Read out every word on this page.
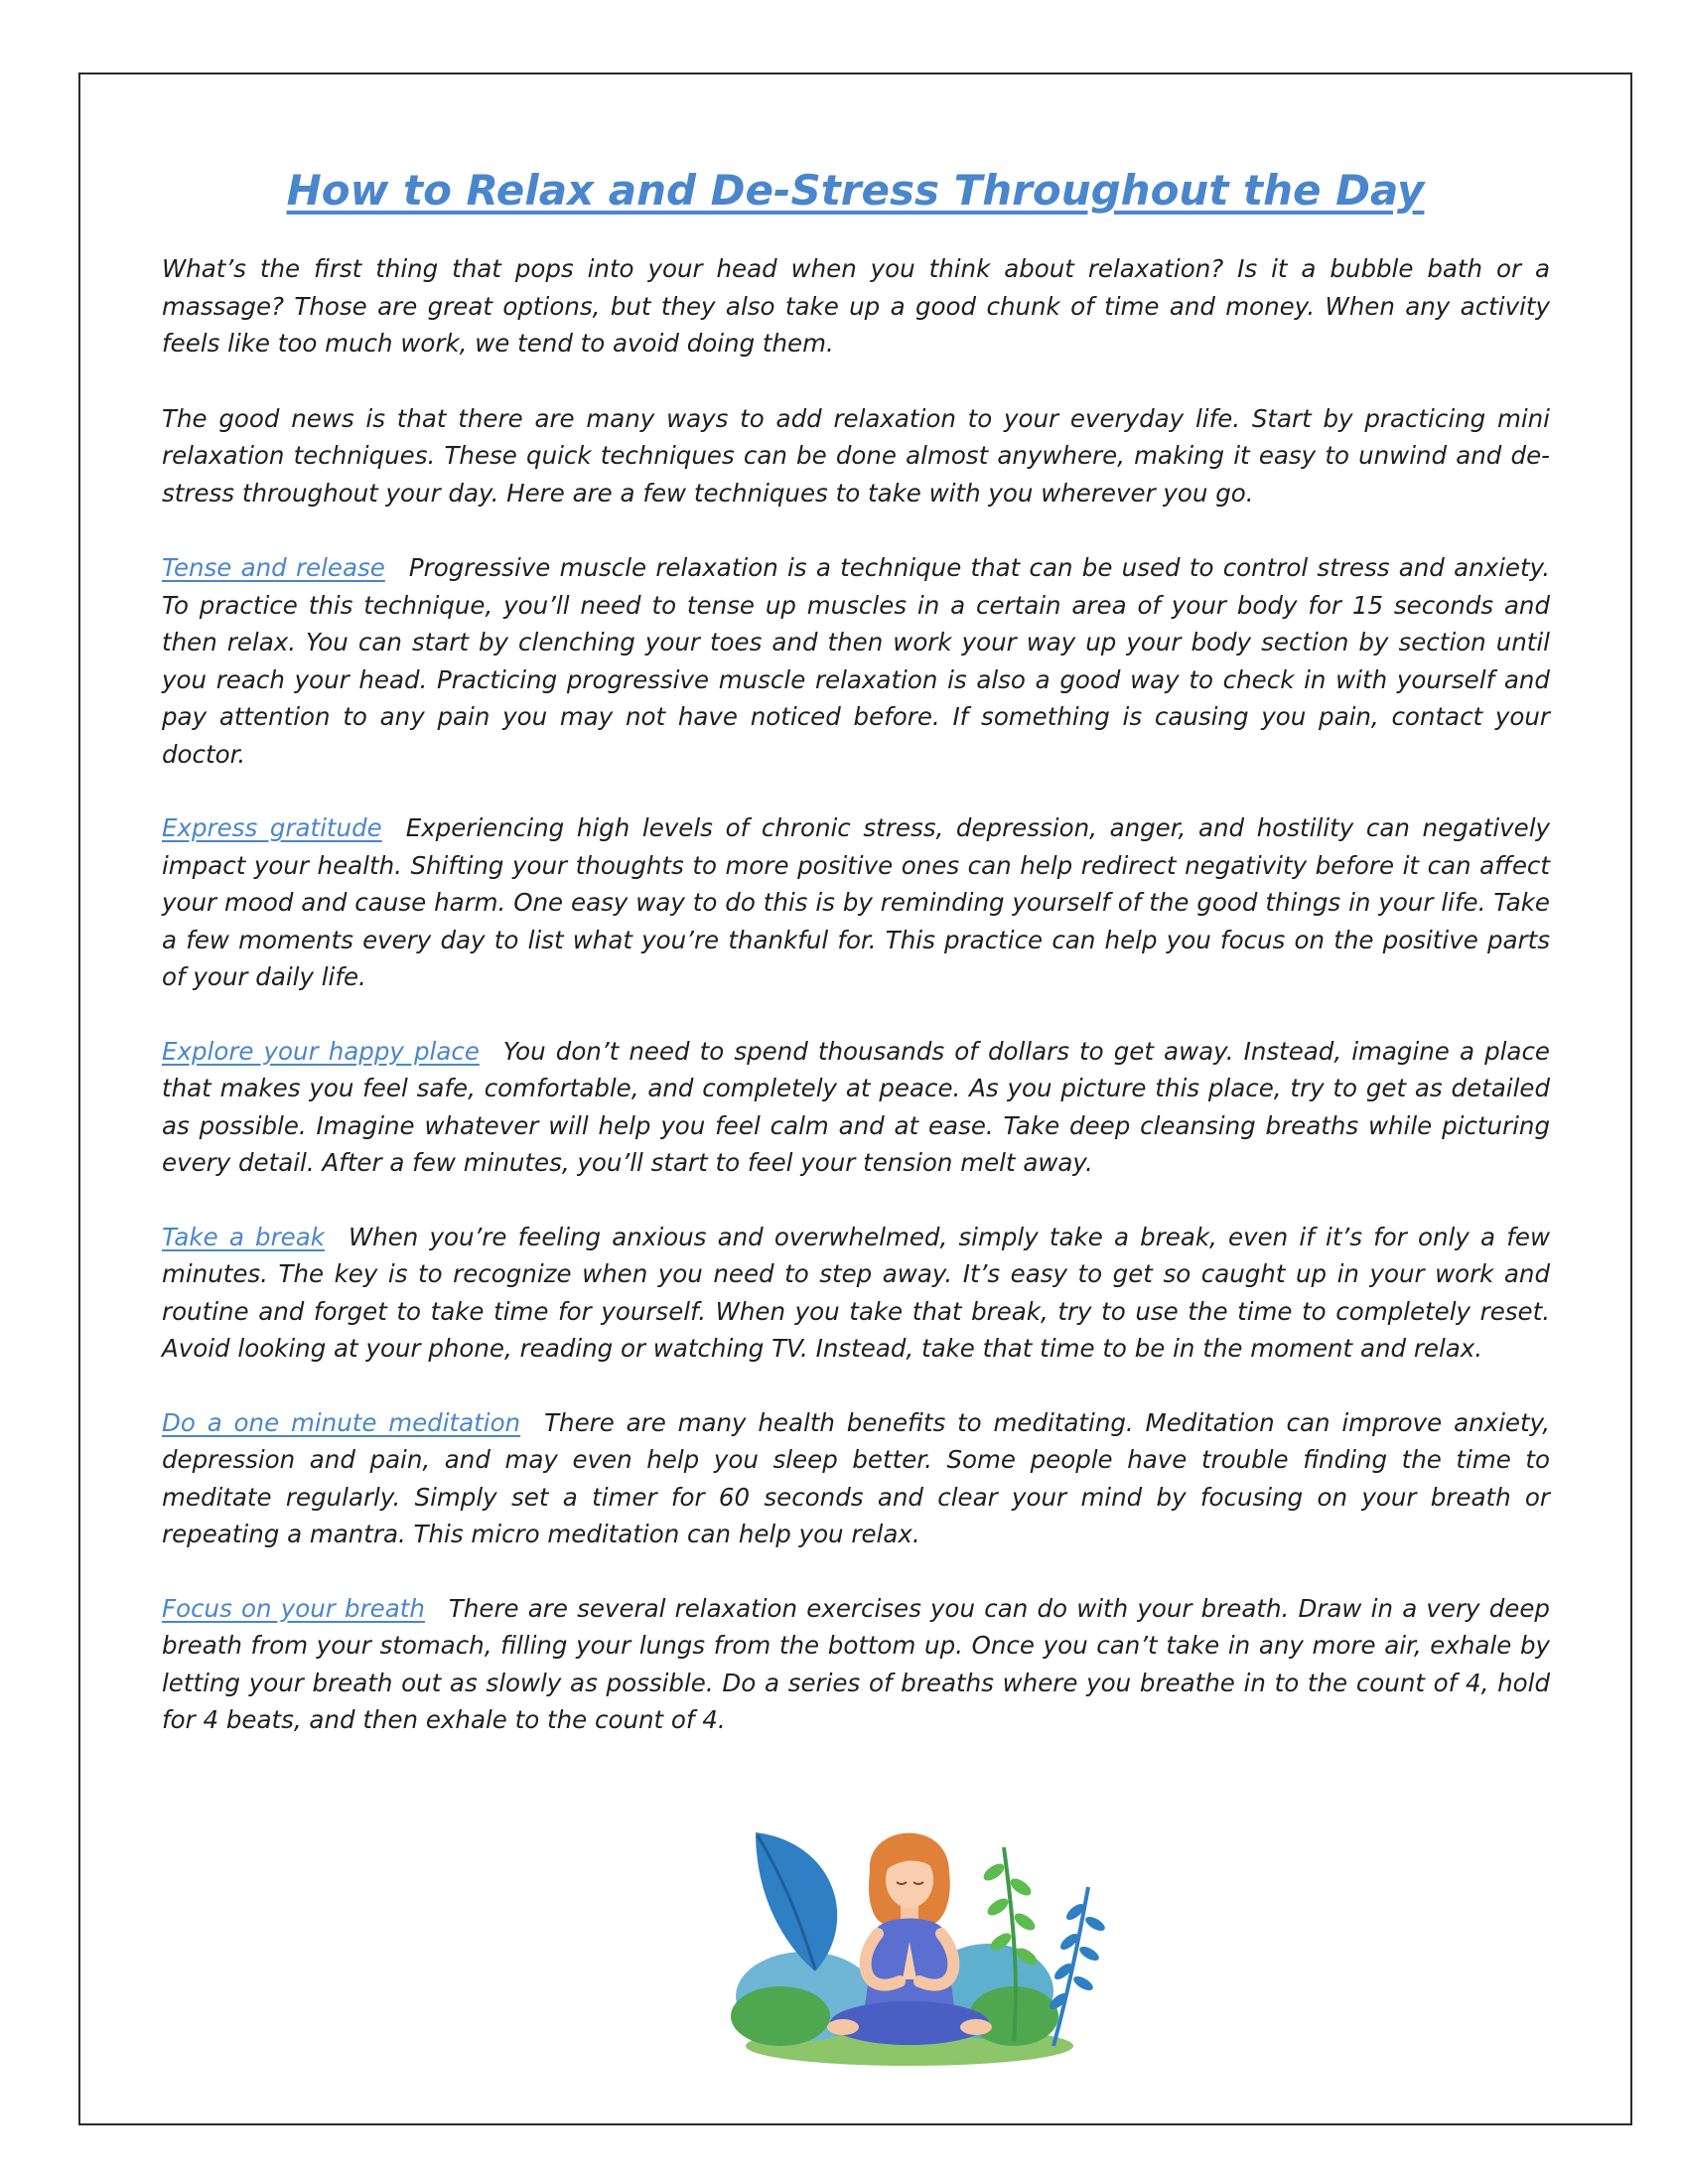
How to Relax and De-Stress Throughout the Day

What’s the first thing that pops into your head when you think about relaxation? Is it a bubble bath or a massage? Those are great options, but they also take up a good chunk of time and money. When any activity feels like too much work, we tend to avoid doing them.

The good news is that there are many ways to add relaxation to your everyday life. Start by practicing mini relaxation techniques. These quick techniques can be done almost anywhere, making it easy to unwind and de-stress throughout your day. Here are a few techniques to take with you wherever you go.

Tense and release Progressive muscle relaxation is a technique that can be used to control stress and anxiety. To practice this technique, you’ll need to tense up muscles in a certain area of your body for 15 seconds and then relax. You can start by clenching your toes and then work your way up your body section by section until you reach your head. Practicing progressive muscle relaxation is also a good way to check in with yourself and pay attention to any pain you may not have noticed before. If something is causing you pain, contact your doctor.

Express gratitude Experiencing high levels of chronic stress, depression, anger, and hostility can negatively impact your health. Shifting your thoughts to more positive ones can help redirect negativity before it can affect your mood and cause harm. One easy way to do this is by reminding yourself of the good things in your life. Take a few moments every day to list what you’re thankful for. This practice can help you focus on the positive parts of your daily life.

Explore your happy place You don’t need to spend thousands of dollars to get away. Instead, imagine a place that makes you feel safe, comfortable, and completely at peace. As you picture this place, try to get as detailed as possible. Imagine whatever will help you feel calm and at ease. Take deep cleansing breaths while picturing every detail. After a few minutes, you’ll start to feel your tension melt away.

Take a break When you’re feeling anxious and overwhelmed, simply take a break, even if it’s for only a few minutes. The key is to recognize when you need to step away. It’s easy to get so caught up in your work and routine and forget to take time for yourself. When you take that break, try to use the time to completely reset. Avoid looking at your phone, reading or watching TV. Instead, take that time to be in the moment and relax.

Do a one minute meditation There are many health benefits to meditating. Meditation can improve anxiety, depression and pain, and may even help you sleep better. Some people have trouble finding the time to meditate regularly. Simply set a timer for 60 seconds and clear your mind by focusing on your breath or repeating a mantra. This micro meditation can help you relax.

Focus on your breath There are several relaxation exercises you can do with your breath. Draw in a very deep breath from your stomach, filling your lungs from the bottom up. Once you can’t take in any more air, exhale by letting your breath out as slowly as possible. Do a series of breaths where you breathe in to the count of 4, hold for 4 beats, and then exhale to the count of 4.
